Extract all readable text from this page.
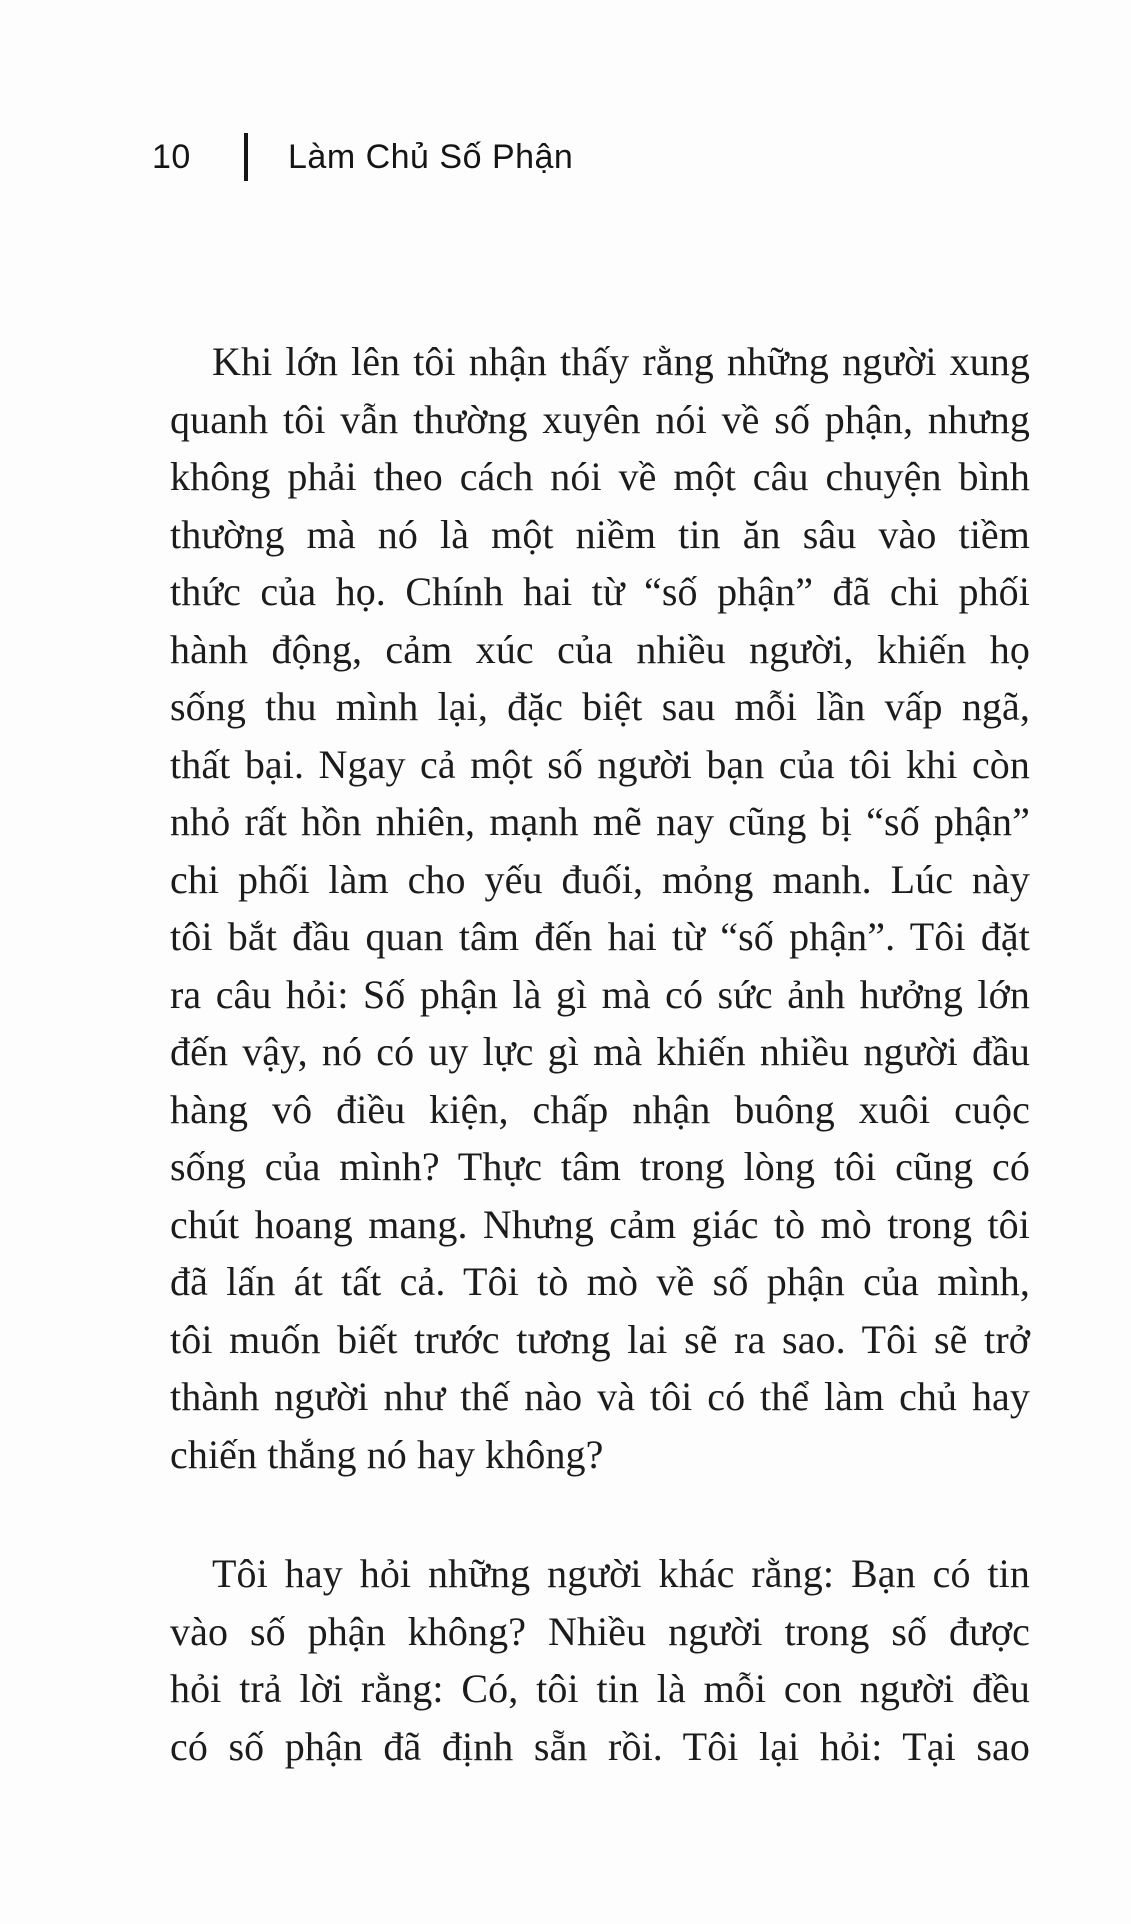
10	Làm Chủ Số Phận
Khi lớn lên tôi nhận thấy rằng những người xung
quanh tôi vẫn thường xuyên nói về số phận, nhưng
không phải theo cách nói về một câu chuyện bình
thường mà nó là một niềm tin ăn sâu vào tiềm
thức của họ. Chính hai từ “số phận” đã chi phối
hành động, cảm xúc của nhiều người, khiến họ
sống thu mình lại, đặc biệt sau mỗi lần vấp ngã,
thất bại. Ngay cả một số người bạn của tôi khi còn
nhỏ rất hồn nhiên, mạnh mẽ nay cũng bị “số phận”
chi phối làm cho yếu đuối, mỏng manh. Lúc này
tôi bắt đầu quan tâm đến hai từ “số phận”. Tôi đặt
ra câu hỏi: Số phận là gì mà có sức ảnh hưởng lớn
đến vậy, nó có uy lực gì mà khiến nhiều người đầu
hàng vô điều kiện, chấp nhận buông xuôi cuộc
sống của mình? Thực tâm trong lòng tôi cũng có
chút hoang mang. Nhưng cảm giác tò mò trong tôi
đã lấn át tất cả. Tôi tò mò về số phận của mình,
tôi muốn biết trước tương lai sẽ ra sao. Tôi sẽ trở
thành người như thế nào và tôi có thể làm chủ hay
chiến thắng nó hay không?
Tôi hay hỏi những người khác rằng: Bạn có tin
vào số phận không? Nhiều người trong số được
hỏi trả lời rằng: Có, tôi tin là mỗi con người đều
có số phận đã định sẵn rồi. Tôi lại hỏi: Tại sao
